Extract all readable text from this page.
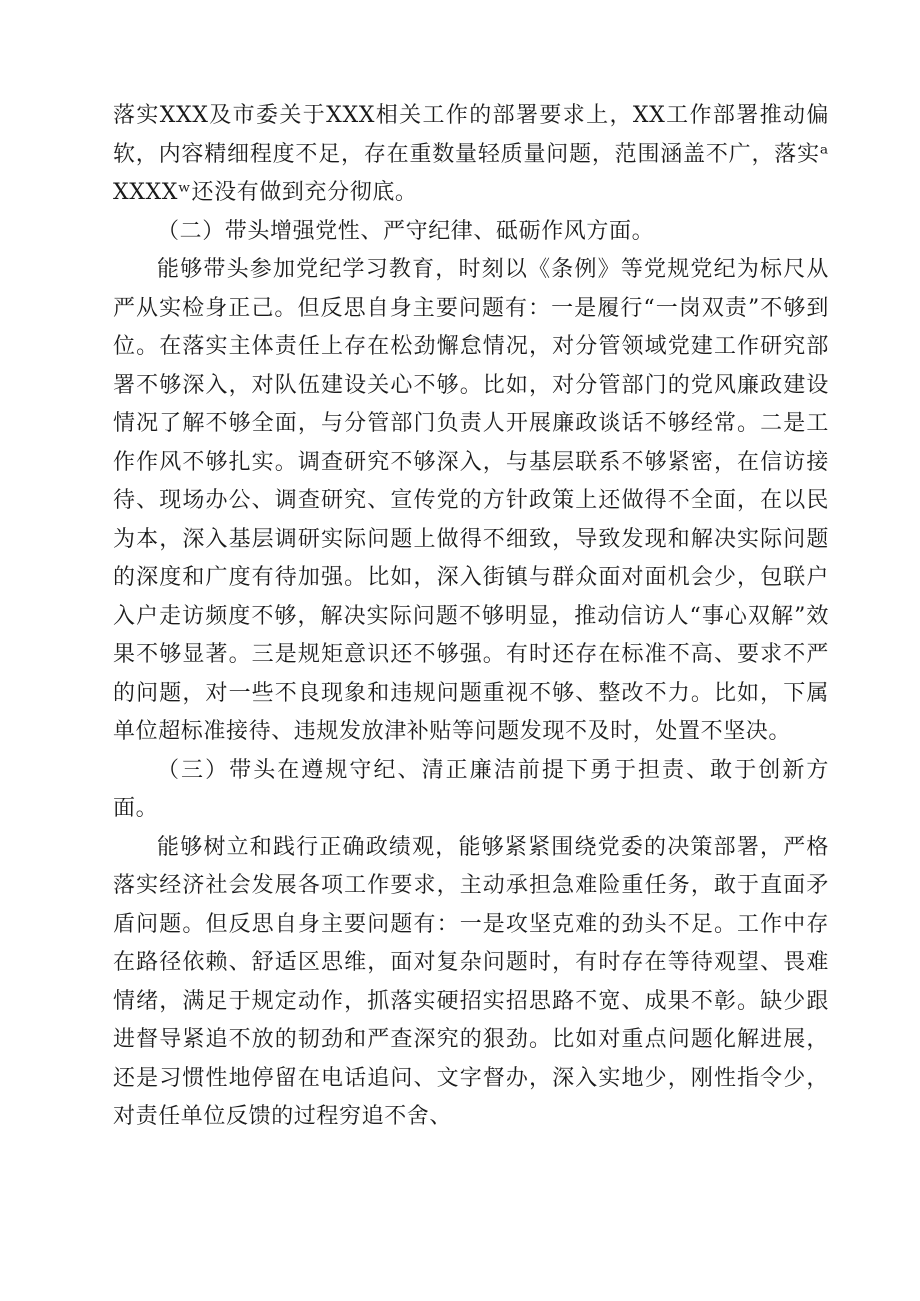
落实XXX及市委关于XXX相关工作的部署要求上，XX工作部署推动偏软，内容精细程度不足，存在重数量轻质量问题，范围涵盖不广，落实ᵃXXXXʷ还没有做到充分彻底。

（二）带头增强党性、严守纪律、砥砺作风方面。

能够带头参加党纪学习教育，时刻以《条例》等党规党纪为标尺从严从实检身正己。但反思自身主要问题有：一是履行“一岗双责”不够到位。在落实主体责任上存在松劲懈怠情况，对分管领域党建工作研究部署不够深入，对队伍建设关心不够。比如，对分管部门的党风廉政建设情况了解不够全面，与分管部门负责人开展廉政谈话不够经常。二是工作作风不够扎实。调查研究不够深入，与基层联系不够紧密，在信访接待、现场办公、调查研究、宣传党的方针政策上还做得不全面，在以民为本，深入基层调研实际问题上做得不细致，导致发现和解决实际问题的深度和广度有待加强。比如，深入街镇与群众面对面机会少，包联户入户走访频度不够，解决实际问题不够明显，推动信访人“事心双解”效果不够显著。三是规矩意识还不够强。有时还存在标准不高、要求不严的问题，对一些不良现象和违规问题重视不够、整改不力。比如，下属单位超标准接待、违规发放津补贴等问题发现不及时，处置不坚决。

（三）带头在遵规守纪、清正廉洁前提下勇于担责、敢于创新方面。

能够树立和践行正确政绩观，能够紧紧围绕党委的决策部署，严格落实经济社会发展各项工作要求，主动承担急难险重任务，敢于直面矛盾问题。但反思自身主要问题有：一是攻坚克难的劲头不足。工作中存在路径依赖、舒适区思维，面对复杂问题时，有时存在等待观望、畏难情绪，满足于规定动作，抓落实硬招实招思路不宽、成果不彰。缺少跟进督导紧追不放的韧劲和严查深究的狠劲。比如对重点问题化解进展，还是习惯性地停留在电话追问、文字督办，深入实地少，刚性指令少，对责任单位反馈的过程穷追不舍、
